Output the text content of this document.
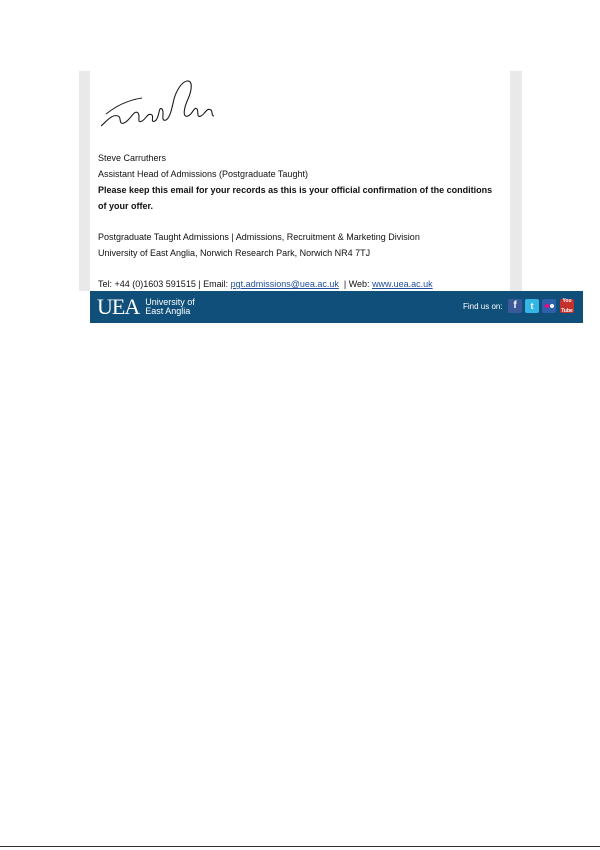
Steve Carruthers
Assistant Head of Admissions (Postgraduate Taught)
Please keep this email for your records as this is your official confirmation of the conditions
of your offer.
Postgraduate Taught Admissions | Admissions, Recruitment & Marketing Division
University of East Anglia, Norwich Research Park, Norwich NR4 7TJ
Tel: +44 (0)1603 591515 | Email: pgt.admissions@uea.ac.uk  | Web: www.uea.ac.uk
UEA University of
East Anglia	Find us on:	f	t	You
Tube
